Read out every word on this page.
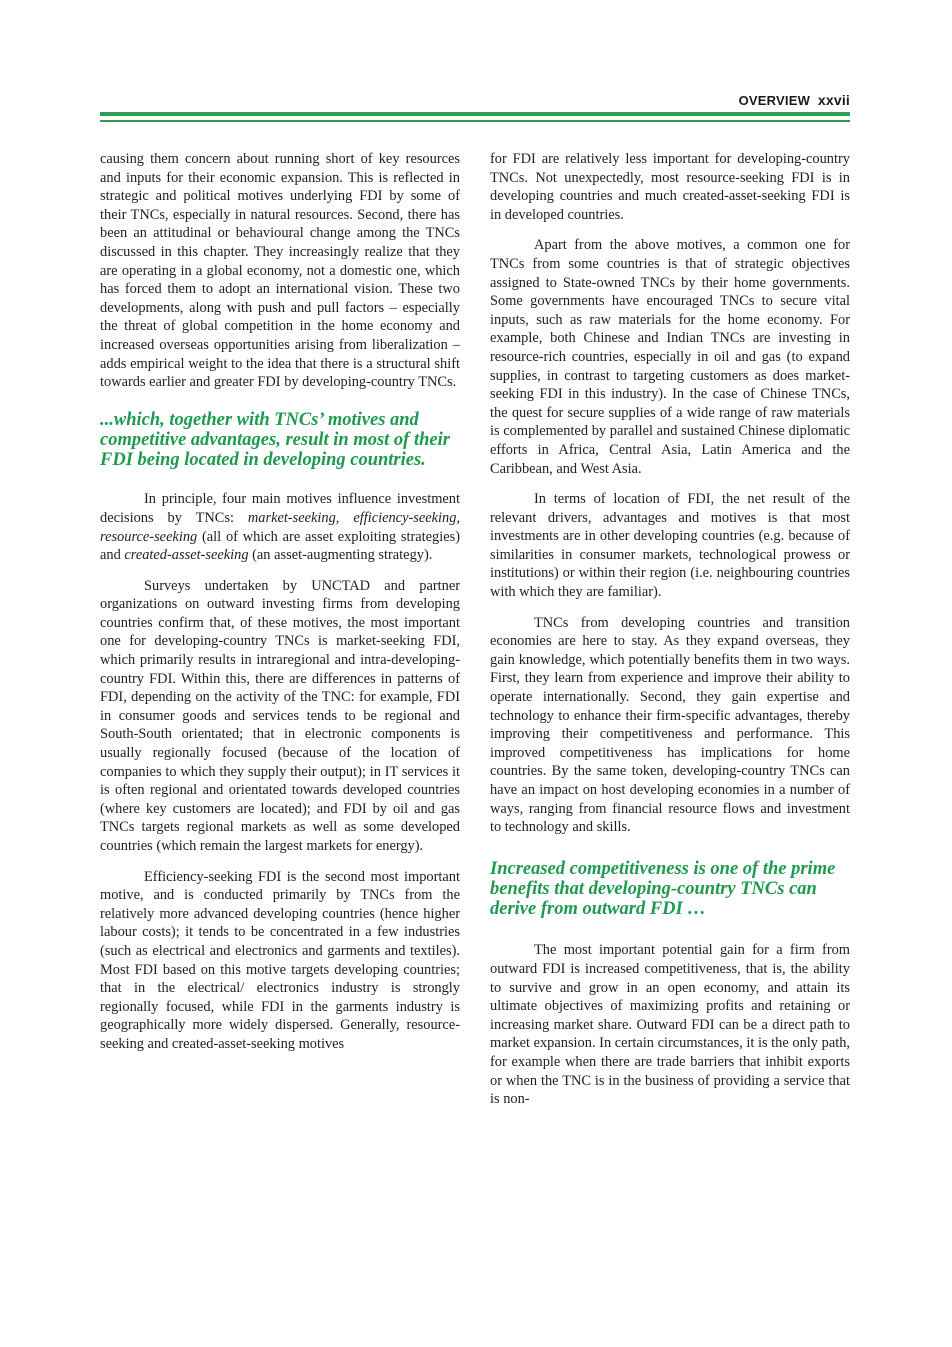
OVERVIEW xxvii

causing them concern about running short of key resources and inputs for their economic expansion. This is reflected in strategic and political motives underlying FDI by some of their TNCs, especially in natural resources. Second, there has been an attitudinal or behavioural change among the TNCs discussed in this chapter. They increasingly realize that they are operating in a global economy, not a domestic one, which has forced them to adopt an international vision. These two developments, along with push and pull factors – especially the threat of global competition in the home economy and increased overseas opportunities arising from liberalization – adds empirical weight to the idea that there is a structural shift towards earlier and greater FDI by developing-country TNCs.

...which, together with TNCs’ motives and competitive advantages, result in most of their FDI being located in developing countries.

In principle, four main motives influence investment decisions by TNCs: market-seeking, efficiency-seeking, resource-seeking (all of which are asset exploiting strategies) and created-asset-seeking (an asset-augmenting strategy).

Surveys undertaken by UNCTAD and partner organizations on outward investing firms from developing countries confirm that, of these motives, the most important one for developing-country TNCs is market-seeking FDI, which primarily results in intraregional and intra-developing-country FDI. Within this, there are differences in patterns of FDI, depending on the activity of the TNC: for example, FDI in consumer goods and services tends to be regional and South-South orientated; that in electronic components is usually regionally focused (because of the location of companies to which they supply their output); in IT services it is often regional and orientated towards developed countries (where key customers are located); and FDI by oil and gas TNCs targets regional markets as well as some developed countries (which remain the largest markets for energy).

Efficiency-seeking FDI is the second most important motive, and is conducted primarily by TNCs from the relatively more advanced developing countries (hence higher labour costs); it tends to be concentrated in a few industries (such as electrical and electronics and garments and textiles). Most FDI based on this motive targets developing countries; that in the electrical/ electronics industry is strongly regionally focused, while FDI in the garments industry is geographically more widely dispersed. Generally, resource-seeking and created-asset-seeking motives

for FDI are relatively less important for developing-country TNCs. Not unexpectedly, most resource-seeking FDI is in developing countries and much created-asset-seeking FDI is in developed countries.

Apart from the above motives, a common one for TNCs from some countries is that of strategic objectives assigned to State-owned TNCs by their home governments. Some governments have encouraged TNCs to secure vital inputs, such as raw materials for the home economy. For example, both Chinese and Indian TNCs are investing in resource-rich countries, especially in oil and gas (to expand supplies, in contrast to targeting customers as does market-seeking FDI in this industry). In the case of Chinese TNCs, the quest for secure supplies of a wide range of raw materials is complemented by parallel and sustained Chinese diplomatic efforts in Africa, Central Asia, Latin America and the Caribbean, and West Asia.

In terms of location of FDI, the net result of the relevant drivers, advantages and motives is that most investments are in other developing countries (e.g. because of similarities in consumer markets, technological prowess or institutions) or within their region (i.e. neighbouring countries with which they are familiar).

TNCs from developing countries and transition economies are here to stay. As they expand overseas, they gain knowledge, which potentially benefits them in two ways. First, they learn from experience and improve their ability to operate internationally. Second, they gain expertise and technology to enhance their firm-specific advantages, thereby improving their competitiveness and performance. This improved competitiveness has implications for home countries. By the same token, developing-country TNCs can have an impact on host developing economies in a number of ways, ranging from financial resource flows and investment to technology and skills.

Increased competitiveness is one of the prime benefits that developing-country TNCs can derive from outward FDI …

The most important potential gain for a firm from outward FDI is increased competitiveness, that is, the ability to survive and grow in an open economy, and attain its ultimate objectives of maximizing profits and retaining or increasing market share. Outward FDI can be a direct path to market expansion. In certain circumstances, it is the only path, for example when there are trade barriers that inhibit exports or when the TNC is in the business of providing a service that is non-
